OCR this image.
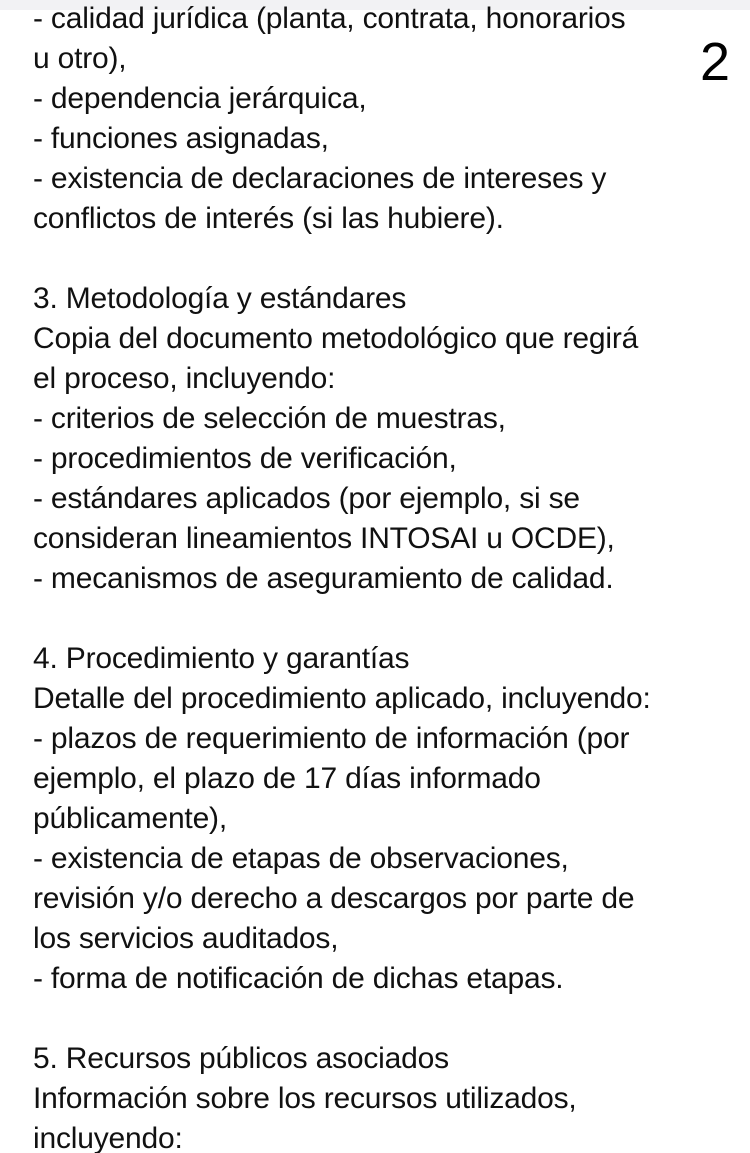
- calidad jurídica (planta, contrata, honorarios
u otro),
- dependencia jerárquica,
- funciones asignadas,
- existencia de declaraciones de intereses y
conflictos de interés (si las hubiere).
3. Metodología y estándares
Copia del documento metodológico que regirá
el proceso, incluyendo:
- criterios de selección de muestras,
- procedimientos de verificación,
- estándares aplicados (por ejemplo, si se
consideran lineamientos INTOSAI u OCDE),
- mecanismos de aseguramiento de calidad.
4. Procedimiento y garantías
Detalle del procedimiento aplicado, incluyendo:
- plazos de requerimiento de información (por
ejemplo, el plazo de 17 días informado
públicamente),
- existencia de etapas de observaciones,
revisión y/o derecho a descargos por parte de
los servicios auditados,
- forma de notificación de dichas etapas.
5. Recursos públicos asociados
Información sobre los recursos utilizados,
incluyendo:
2
